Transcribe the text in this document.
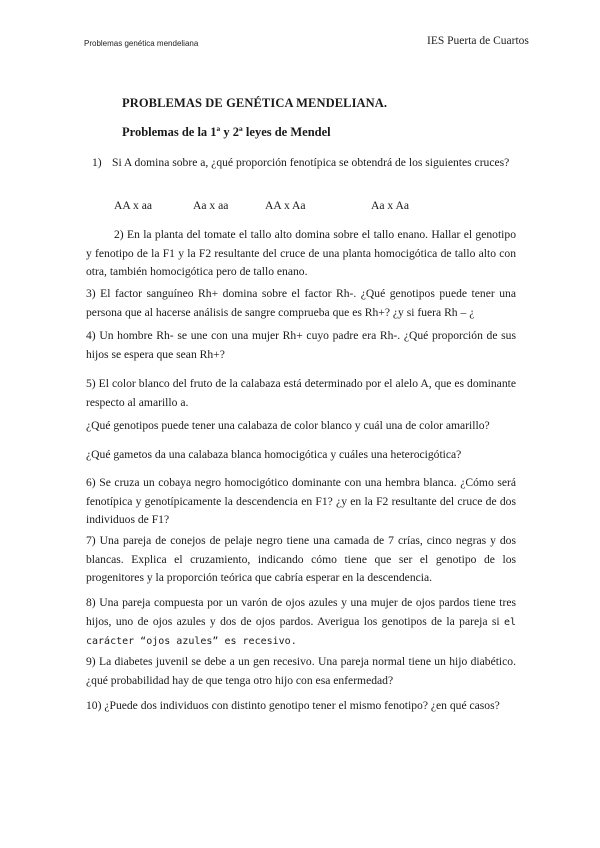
Problemas genética mendeliana	IES Puerta de Cuartos
PROBLEMAS DE GENÉTICA MENDELIANA.
Problemas de la 1ª y 2ª leyes de Mendel
1) Si A domina sobre a, ¿qué proporción fenotípica se obtendrá de los siguientes cruces?

AA x aa	Aa x aa	AA x Aa	Aa x Aa

2) En la planta del tomate el tallo alto domina sobre el tallo enano. Hallar el genotipo y fenotipo de la F1 y la F2 resultante del cruce de una planta homocigótica de tallo alto con otra, también homocigótica pero de tallo enano.

3) El factor sanguíneo Rh+ domina sobre el factor Rh-. ¿Qué genotipos puede tener una persona que al hacerse análisis de sangre comprueba que es Rh+? ¿y si fuera Rh – ¿

4) Un hombre Rh- se une con una mujer Rh+ cuyo padre era Rh-. ¿Qué proporción de sus hijos se espera que sean Rh+?

5) El color blanco del fruto de la calabaza está determinado por el alelo A, que es dominante respecto al amarillo a.

¿Qué genotipos puede tener una calabaza de color blanco y cuál una de color amarillo?

¿Qué gametos da una calabaza blanca homocigótica y cuáles una heterocigótica?

6) Se cruza un cobaya negro homocigótico dominante con una hembra blanca. ¿Cómo será fenotípica y genotípicamente la descendencia en F1? ¿y en la F2 resultante del cruce de dos individuos de F1?

7) Una pareja de conejos de pelaje negro tiene una camada de 7 crías, cinco negras y dos blancas. Explica el cruzamiento, indicando cómo tiene que ser el genotipo de los progenitores y la proporción teórica que cabría esperar en la descendencia.

8) Una pareja compuesta por un varón de ojos azules y una mujer de ojos pardos tiene tres hijos, uno de ojos azules y dos de ojos pardos. Averigua los genotipos de la pareja si el carácter “ojos azules” es recesivo.

9) La diabetes juvenil se debe a un gen recesivo. Una pareja normal tiene un hijo diabético. ¿qué probabilidad hay de que tenga otro hijo con esa enfermedad?

10) ¿Puede dos individuos con distinto genotipo tener el mismo fenotipo? ¿en qué casos?
